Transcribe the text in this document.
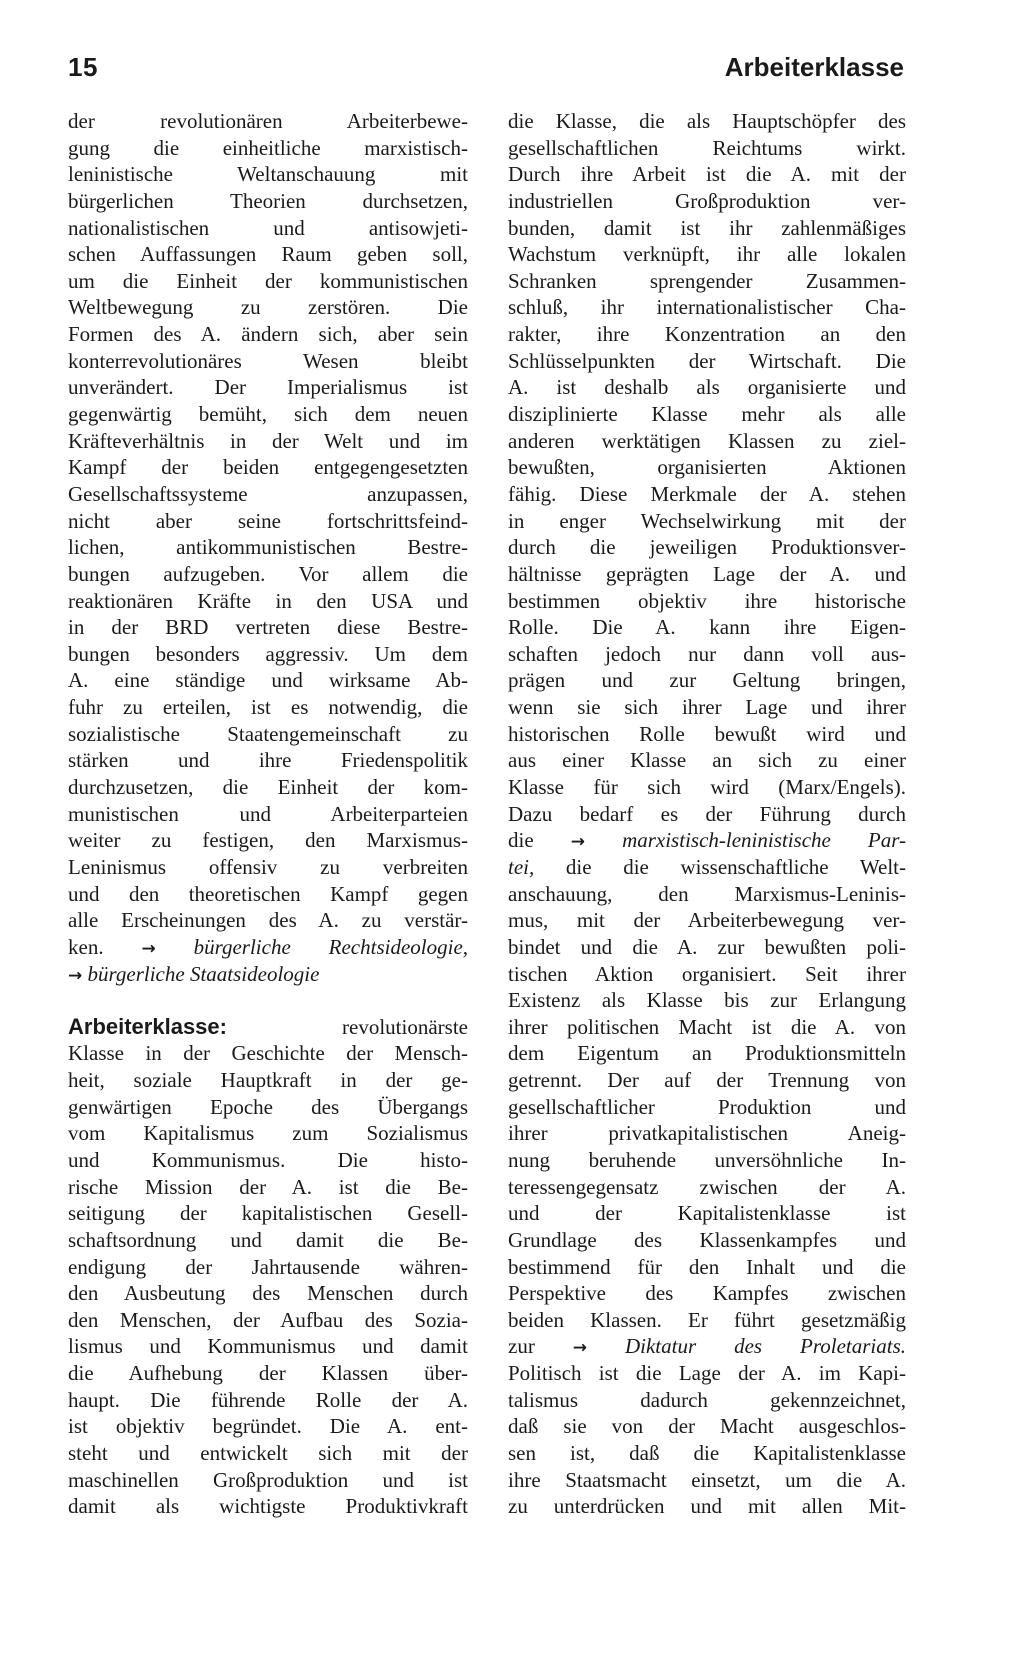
15	Arbeiterklasse
der revolutionären Arbeiterbewe-
gung die einheitliche marxistisch-
leninistische Weltanschauung mit
bürgerlichen Theorien durchsetzen,
nationalistischen und antisowjeti-
schen Auffassungen Raum geben soll,
um die Einheit der kommunistischen
Weltbewegung zu zerstören. Die
Formen des A. ändern sich, aber sein
konterrevolutionäres Wesen bleibt
unverändert. Der Imperialismus ist
gegenwärtig bemüht, sich dem neuen
Kräfteverhältnis in der Welt und im
Kampf der beiden entgegengesetzten
Gesellschaftssysteme anzupassen,
nicht aber seine fortschrittsfeind-
lichen, antikommunistischen Bestre-
bungen aufzugeben. Vor allem die
reaktionären Kräfte in den USA und
in der BRD vertreten diese Bestre-
bungen besonders aggressiv. Um dem
A. eine ständige und wirksame Ab-
fuhr zu erteilen, ist es notwendig, die
sozialistische Staatengemeinschaft zu
stärken und ihre Friedenspolitik
durchzusetzen, die Einheit der kom-
munistischen und Arbeiterparteien
weiter zu festigen, den Marxismus-
Leninismus offensiv zu verbreiten
und den theoretischen Kampf gegen
alle Erscheinungen des A. zu verstär-
ken. → bürgerliche Rechtsideologie,
→ bürgerliche Staatsideologie
Arbeiterklasse:	revolutionärste
Klasse in der Geschichte der Mensch-
heit, soziale Hauptkraft in der ge-
genwärtigen Epoche des Übergangs
vom Kapitalismus zum Sozialismus
und Kommunismus. Die histo-
rische Mission der A. ist die Be-
seitigung der kapitalistischen Gesell-
schaftsordnung und damit die Be-
endigung der Jahrtausende währen-
den Ausbeutung des Menschen durch
den Menschen, der Aufbau des Sozia-
lismus und Kommunismus und damit
die Aufhebung der Klassen über-
haupt. Die führende Rolle der A.
ist objektiv begründet. Die A. ent-
steht und entwickelt sich mit der
maschinellen Großproduktion und ist
damit als wichtigste Produktivkraft
die Klasse, die als Hauptschöpfer des
gesellschaftlichen Reichtums wirkt.
Durch ihre Arbeit ist die A. mit der
industriellen Großproduktion ver-
bunden, damit ist ihr zahlenmäßiges
Wachstum verknüpft, ihr alle lokalen
Schranken sprengender Zusammen-
schluß, ihr internationalistischer Cha-
rakter, ihre Konzentration an den
Schlüsselpunkten der Wirtschaft. Die
A. ist deshalb als organisierte und
disziplinierte Klasse mehr als alle
anderen werktätigen Klassen zu ziel-
bewußten, organisierten Aktionen
fähig. Diese Merkmale der A. stehen
in enger Wechselwirkung mit der
durch die jeweiligen Produktionsver-
hältnisse geprägten Lage der A. und
bestimmen objektiv ihre historische
Rolle. Die A. kann ihre Eigen-
schaften jedoch nur dann voll aus-
prägen und zur Geltung bringen,
wenn sie sich ihrer Lage und ihrer
historischen Rolle bewußt wird und
aus einer Klasse an sich zu einer
Klasse für sich wird (Marx/Engels).
Dazu bedarf es der Führung durch
die → marxistisch-leninistische Par-
tei, die die wissenschaftliche Welt-
anschauung, den Marxismus-Leninis-
mus, mit der Arbeiterbewegung ver-
bindet und die A. zur bewußten poli-
tischen Aktion organisiert. Seit ihrer
Existenz als Klasse bis zur Erlangung
ihrer politischen Macht ist die A. von
dem Eigentum an Produktionsmitteln
getrennt. Der auf der Trennung von
gesellschaftlicher Produktion und
ihrer privatkapitalistischen Aneig-
nung beruhende unversöhnliche In-
teressengegensatz zwischen der A.
und der Kapitalistenklasse ist
Grundlage des Klassenkampfes und
bestimmend für den Inhalt und die
Perspektive des Kampfes zwischen
beiden Klassen. Er führt gesetzmäßig
zur → Diktatur des Proletariats.
Politisch ist die Lage der A. im Kapi-
talismus dadurch gekennzeichnet,
daß sie von der Macht ausgeschlos-
sen ist, daß die Kapitalistenklasse
ihre Staatsmacht einsetzt, um die A.
zu unterdrücken und mit allen Mit-
